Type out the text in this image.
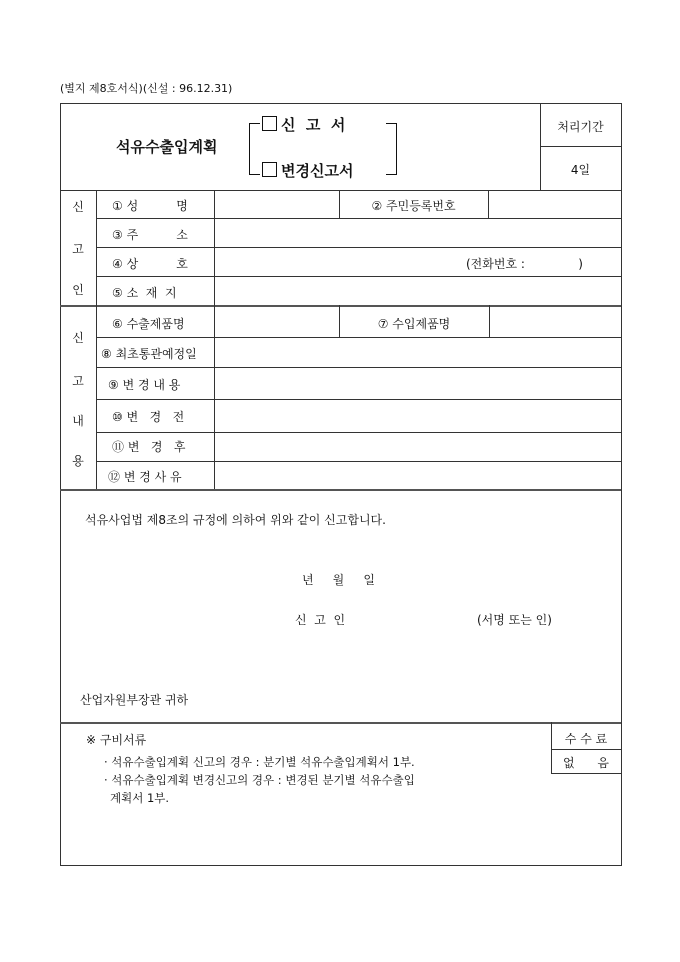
(별지 제8호서식)(신설 : 96.12.31)
석유수출입계획
신  고  서
변경신고서
처리기간
4일
신
고
인
① 성          명	② 주민등록번호
③ 주          소
④ 상          호	(전화번호 :              )
⑤ 소  재  지
신
고
내
용
⑥ 수출제품명	⑦ 수입제품명
⑧ 최초통관예정일
⑨ 변 경 내 용
⑩ 변   경   전
⑪ 변   경   후
⑫ 변 경 사 유
석유사업법 제8조의 규정에 의하여 위와 같이 신고합니다.
년     월     일
신  고  인	(서명 또는 인)
산업자원부장관 귀하
※ 구비서류
· 석유수출입계획 신고의 경우 : 분기별 석유수출입계획서 1부.
· 석유수출입계획 변경신고의 경우 : 변경된 분기별 석유수출입
계획서 1부.
수 수 료
없      음
